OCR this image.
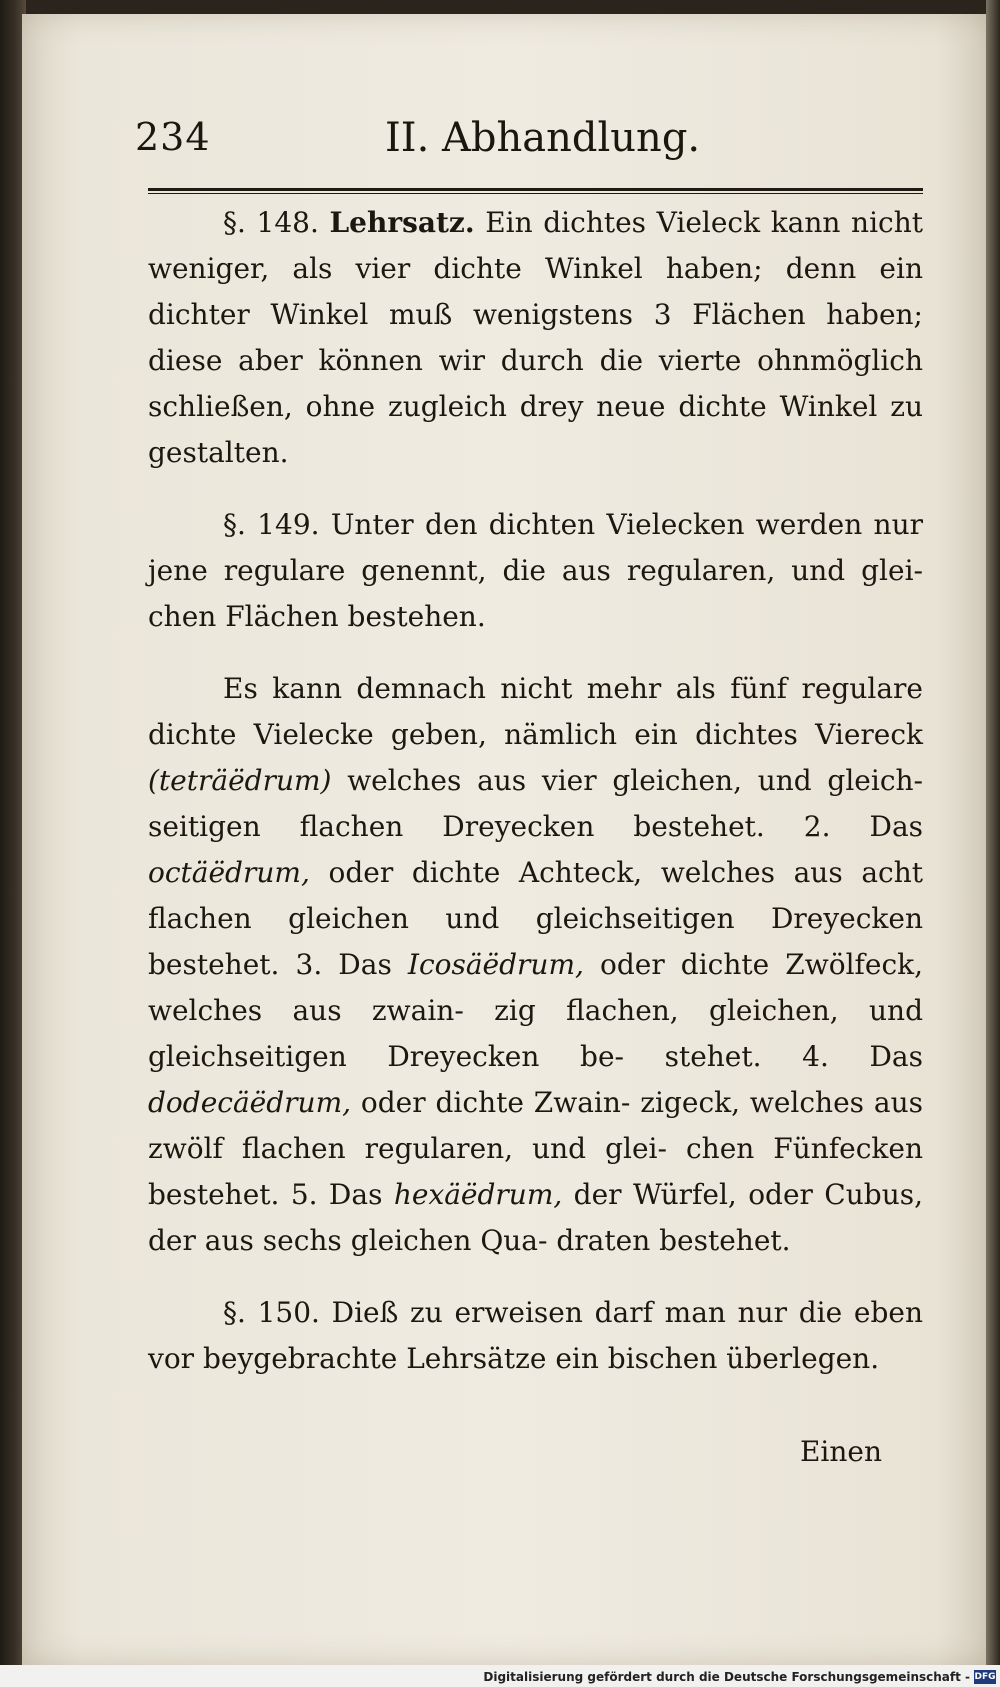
234	II. Abhandlung.

§. 148. Lehrsatz. Ein dichtes Vieleck kann nicht weniger, als vier dichte Winkel haben; denn ein dichter Winkel muß wenigstens 3 Flächen haben; diese aber können wir durch die vierte ohnmöglich schließen, ohne zugleich drey neue dichte Winkel zu gestalten.

§. 149. Unter den dichten Vielecken werden nur jene regulare genennt, die aus regularen, und glei- chen Flächen bestehen.

Es kann demnach nicht mehr als fünf regulare dichte Vielecke geben, nämlich ein dichtes Viereck (teträëdrum) welches aus vier gleichen, und gleich- seitigen flachen Dreyecken bestehet. 2. Das octäëdrum, oder dichte Achteck, welches aus acht flachen gleichen und gleichseitigen Dreyecken bestehet. 3. Das Icosäëdrum, oder dichte Zwölfeck, welches aus zwain- zig flachen, gleichen, und gleichseitigen Dreyecken be- stehet. 4. Das dodecäëdrum, oder dichte Zwain- zigeck, welches aus zwölf flachen regularen, und glei- chen Fünfecken bestehet. 5. Das hexäëdrum, der Würfel, oder Cubus, der aus sechs gleichen Qua- draten bestehet.

§. 150. Dieß zu erweisen darf man nur die eben vor beygebrachte Lehrsätze ein bischen überlegen.

Einen
Digitalisierung gefördert durch die Deutsche Forschungsgemeinschaft - DFG
